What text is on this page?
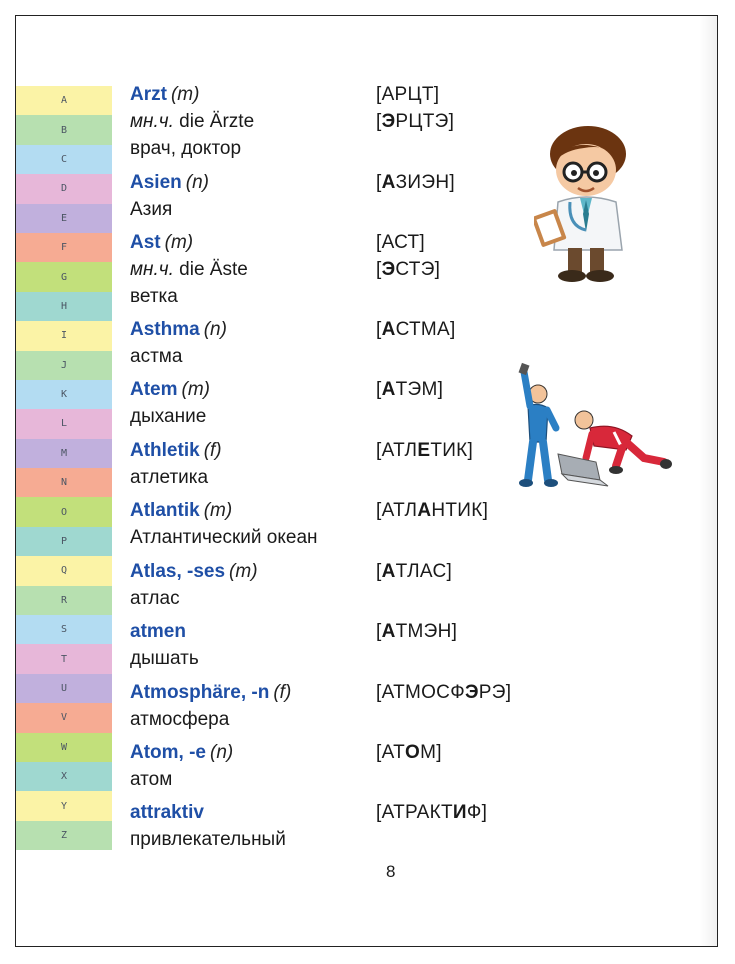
A
B
C
D
E
F
G
H
I
J
K
L
M
N
O
P
Q
R
S
T
U
V
W
X
Y
Z
Arzt (m)	[АРЦТ]
мн.ч. die Ärzte	[ЭРЦТЭ]
врач, доктор
Asien (n)	[АЗИЭН]
Азия
Ast (m)	[АСТ]
мн.ч. die Äste	[ЭСТЭ]
ветка
Asthma (n)	[АСТМА]
астма
Atem (m)	[АТЭМ]
дыхание
Athletik (f)	[АТЛЕТИК]
атлетика
Atlantik (m)	[АТЛАНТИК]
Атлантический океан
Atlas, -ses (m)	[АТЛАС]
атлас
atmen	[АТМЭН]
дышать
Atmosphäre, -n (f)	[АТМОСФЭРЭ]
атмосфера
Atom, -e (n)	[АТОМ]
атом
attraktiv	[АТРАКТИФ]
привлекательный
8
